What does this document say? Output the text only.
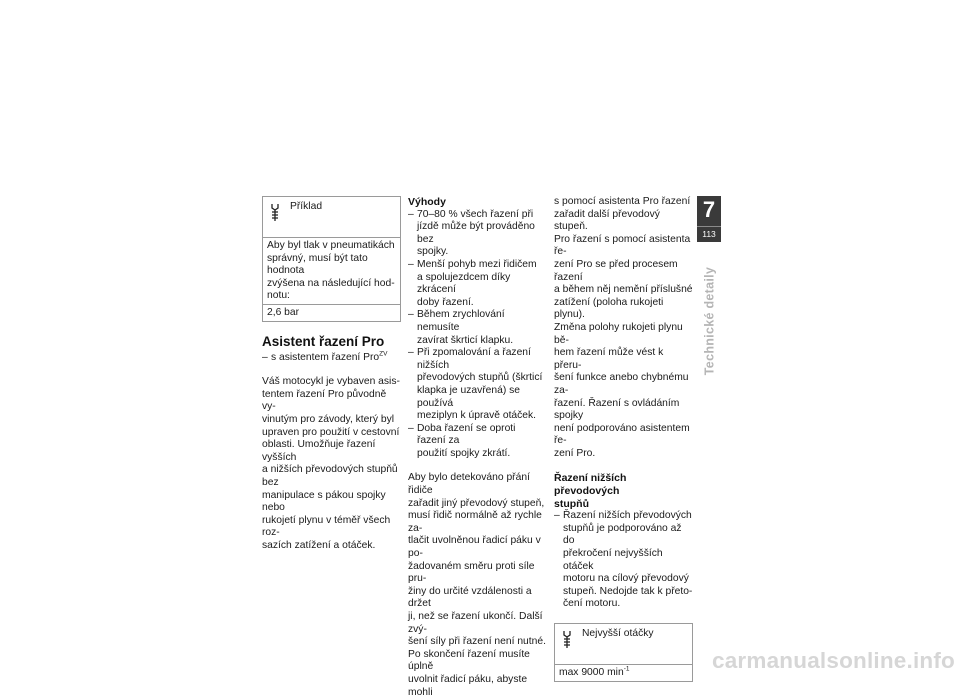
Příklad
Aby byl tlak v pneumatikách
správný, musí být tato hodnota
zvýšena na následující hod-
notu:
2,6 bar
Asistent řazení Pro
– s asistentem řazení Pro$^{ZV}$
Váš motocykl je vybaven asis-
tentem řazení Pro původně vy-
vinutým pro závody, který byl
upraven pro použití v cestovní
oblasti. Umožňuje řazení vyšších
a nižších převodových stupňů bez
manipulace s pákou spojky nebo
rukojetí plynu v téměř všech roz-
sazích zatížení a otáček.
Výhody
– 70–80 % všech řazení při
jízdě může být prováděno bez
spojky.
– Menší pohyb mezi řidičem
a spolujezdcem díky zkrácení
doby řazení.
– Během zrychlování nemusíte
zavírat škrticí klapku.
– Při zpomalování a řazení nižších
převodových stupňů (škrticí
klapka je uzavřená) se používá
meziplyn k úpravě otáček.
– Doba řazení se oproti řazení za
použití spojky zkrátí.
Aby bylo detekováno přání řidiče
zařadit jiný převodový stupeň,
musí řidič normálně až rychle za-
tlačit uvolněnou řadicí páku v po-
žadovaném směru proti síle pru-
žiny do určité vzdálenosti a držet
ji, než se řazení ukončí. Další zvý-
šení síly při řazení není nutné.
Po skončení řazení musíte úplně
uvolnit řadicí páku, abyste mohli
s pomocí asistenta Pro řazení
zařadit další převodový stupeň.
Pro řazení s pomocí asistenta ře-
zení Pro se před procesem řazení
a během něj nemění příslušné
zatížení (poloha rukojeti plynu).
Změna polohy rukojeti plynu bě-
hem řazení může vést k přeru-
šení funkce anebo chybnému za-
řazení. Řazení s ovládáním spojky
není podporováno asistentem ře-
zení Pro.
Řazení nižších převodových
stupňů
– Řazení nižších převodových
stupňů je podporováno až do
překročení nejvyšších otáček
motoru na cílový převodový
stupeň. Nedojde tak k přeto-
čení motoru.
Nejvyšší otáčky
max 9000 $\min^{-1}$
7
113
Technické detaily
carmanualsonline.info
